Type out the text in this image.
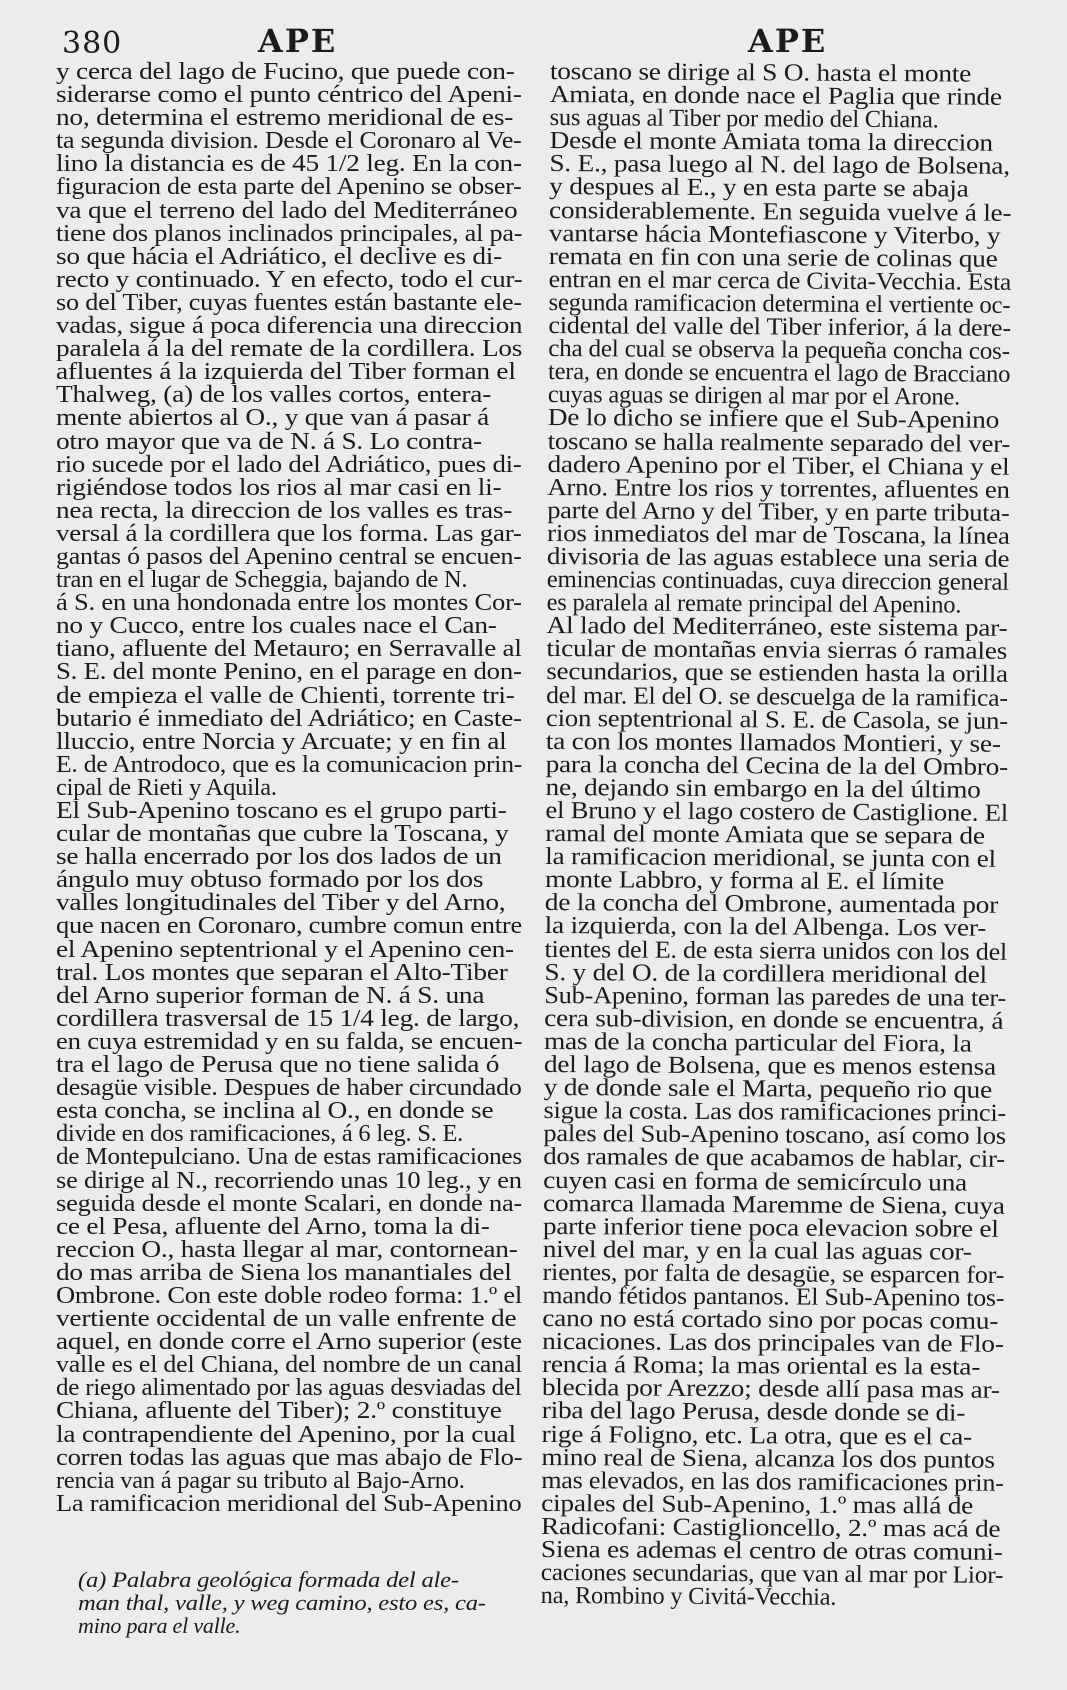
380	APE	APE
y cerca del lago de Fucino, que puede con-
siderarse como el punto céntrico del Apeni-
no, determina el estremo meridional de es-
ta segunda division. Desde el Coronaro al Ve-
lino la distancia es de 45 1/2 leg. En la con-
figuracion de esta parte del Apenino se obser-
va que el terreno del lado del Mediterráneo
tiene dos planos inclinados principales, al pa-
so que hácia el Adriático, el declive es di-
recto y continuado. Y en efecto, todo el cur-
so del Tiber, cuyas fuentes están bastante ele-
vadas, sigue á poca diferencia una direccion
paralela á la del remate de la cordillera. Los
afluentes á la izquierda del Tiber forman el
Thalweg, (a) de los valles cortos, entera-
mente abiertos al O., y que van á pasar á
otro mayor que va de N. á S. Lo contra-
rio sucede por el lado del Adriático, pues di-
rigiéndose todos los rios al mar casi en li-
nea recta, la direccion de los valles es tras-
versal á la cordillera que los forma. Las gar-
gantas ó pasos del Apenino central se encuen-
tran en el lugar de Scheggia, bajando de N.
á S. en una hondonada entre los montes Cor-
no y Cucco, entre los cuales nace el Can-
tiano, afluente del Metauro; en Serravalle al
S. E. del monte Penino, en el parage en don-
de empieza el valle de Chienti, torrente tri-
butario é inmediato del Adriático; en Caste-
lluccio, entre Norcia y Arcuate; y en fin al
E. de Antrodoco, que es la comunicacion prin-
cipal de Rieti y Aquila.
El Sub-Apenino toscano es el grupo parti-
cular de montañas que cubre la Toscana, y
se halla encerrado por los dos lados de un
ángulo muy obtuso formado por los dos
valles longitudinales del Tiber y del Arno,
que nacen en Coronaro, cumbre comun entre
el Apenino septentrional y el Apenino cen-
tral. Los montes que separan el Alto-Tiber
del Arno superior forman de N. á S. una
cordillera trasversal de 15 1/4 leg. de largo,
en cuya estremidad y en su falda, se encuen-
tra el lago de Perusa que no tiene salida ó
desagüe visible. Despues de haber circundado
esta concha, se inclina al O., en donde se
divide en dos ramificaciones, á 6 leg. S. E.
de Montepulciano. Una de estas ramificaciones
se dirige al N., recorriendo unas 10 leg., y en
seguida desde el monte Scalari, en donde na-
ce el Pesa, afluente del Arno, toma la di-
reccion O., hasta llegar al mar, contornean-
do mas arriba de Siena los manantiales del
Ombrone. Con este doble rodeo forma: 1.º el
vertiente occidental de un valle enfrente de
aquel, en donde corre el Arno superior (este
valle es el del Chiana, del nombre de un canal
de riego alimentado por las aguas desviadas del
Chiana, afluente del Tiber); 2.º constituye
la contrapendiente del Apenino, por la cual
corren todas las aguas que mas abajo de Flo-
rencia van á pagar su tributo al Bajo-Arno.
La ramificacion meridional del Sub-Apenino
toscano se dirige al S O. hasta el monte
Amiata, en donde nace el Paglia que rinde
sus aguas al Tiber por medio del Chiana.
Desde el monte Amiata toma la direccion
S. E., pasa luego al N. del lago de Bolsena,
y despues al E., y en esta parte se abaja
considerablemente. En seguida vuelve á le-
vantarse hácia Montefiascone y Viterbo, y
remata en fin con una serie de colinas que
entran en el mar cerca de Civita-Vecchia. Esta
segunda ramificacion determina el vertiente oc-
cidental del valle del Tiber inferior, á la dere-
cha del cual se observa la pequeña concha cos-
tera, en donde se encuentra el lago de Bracciano
cuyas aguas se dirigen al mar por el Arone.
De lo dicho se infiere que el Sub-Apenino
toscano se halla realmente separado del ver-
dadero Apenino por el Tiber, el Chiana y el
Arno. Entre los rios y torrentes, afluentes en
parte del Arno y del Tiber, y en parte tributa-
rios inmediatos del mar de Toscana, la línea
divisoria de las aguas establece una seria de
eminencias continuadas, cuya direccion general
es paralela al remate principal del Apenino.
Al lado del Mediterráneo, este sistema par-
ticular de montañas envia sierras ó ramales
secundarios, que se estienden hasta la orilla
del mar. El del O. se descuelga de la ramifica-
cion septentrional al S. E. de Casola, se jun-
ta con los montes llamados Montieri, y se-
para la concha del Cecina de la del Ombro-
ne, dejando sin embargo en la del último
el Bruno y el lago costero de Castiglione. El
ramal del monte Amiata que se separa de
la ramificacion meridional, se junta con el
monte Labbro, y forma al E. el límite
de la concha del Ombrone, aumentada por
la izquierda, con la del Albenga. Los ver-
tientes del E. de esta sierra unidos con los del
S. y del O. de la cordillera meridional del
Sub-Apenino, forman las paredes de una ter-
cera sub-division, en donde se encuentra, á
mas de la concha particular del Fiora, la
del lago de Bolsena, que es menos estensa
y de donde sale el Marta, pequeño rio que
sigue la costa. Las dos ramificaciones princi-
pales del Sub-Apenino toscano, así como los
dos ramales de que acabamos de hablar, cir-
cuyen casi en forma de semicírculo una
comarca llamada Maremme de Siena, cuya
parte inferior tiene poca elevacion sobre el
nivel del mar, y en la cual las aguas cor-
rientes, por falta de desagüe, se esparcen for-
mando fétidos pantanos. El Sub-Apenino tos-
cano no está cortado sino por pocas comu-
nicaciones. Las dos principales van de Flo-
rencia á Roma; la mas oriental es la esta-
blecida por Arezzo; desde allí pasa mas ar-
riba del lago Perusa, desde donde se di-
rige á Foligno, etc. La otra, que es el ca-
mino real de Siena, alcanza los dos puntos
mas elevados, en las dos ramificaciones prin-
cipales del Sub-Apenino, 1.º mas allá de
Radicofani: Castiglioncello, 2.º mas acá de
Siena es ademas el centro de otras comuni-
caciones secundarias, que van al mar por Lior-
na, Rombino y Civitá-Vecchia.
(a) Palabra geológica formada del ale-
man thal, valle, y weg camino, esto es, ca-
mino para el valle.
